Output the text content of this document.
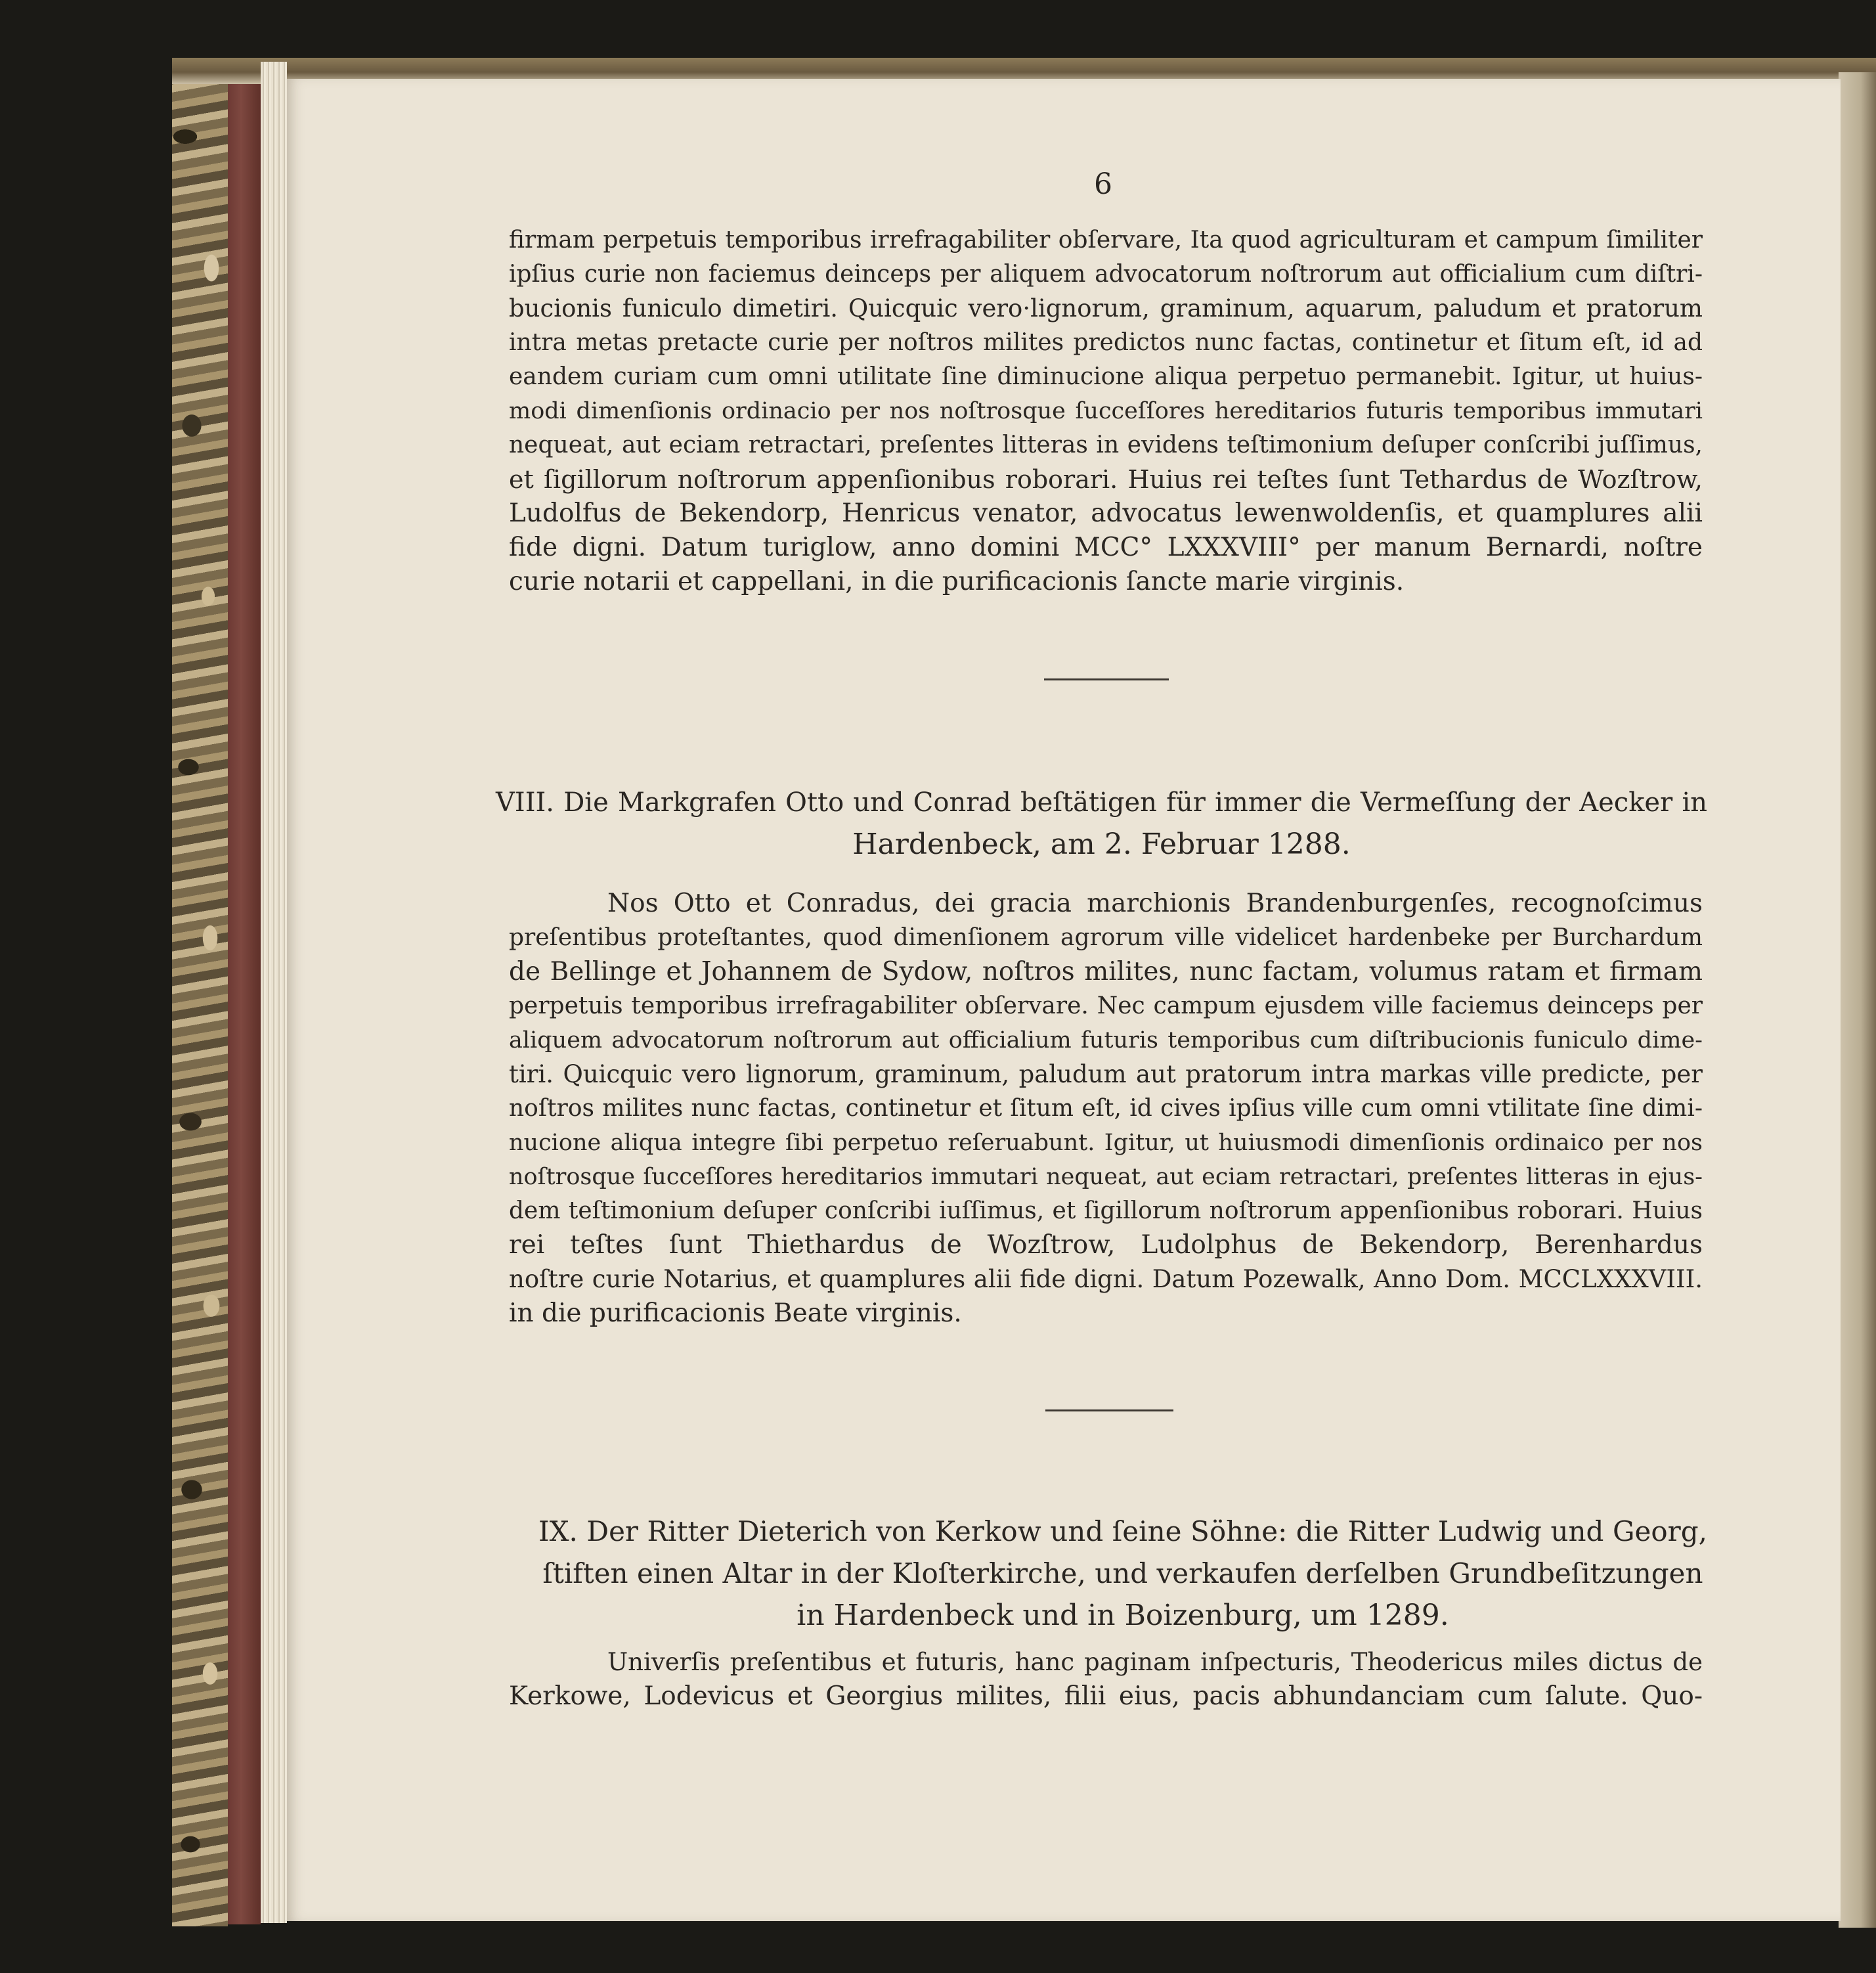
6
firmam perpetuis temporibus irrefragabiliter obſervare, Ita quod agriculturam et campum ſimiliter
ipſius curie non faciemus deinceps per aliquem advocatorum noſtrorum aut officialium cum diſtri-
bucionis funiculo dimetiri. Quicquic vero·lignorum, graminum, aquarum, paludum et pratorum
intra metas pretacte curie per noſtros milites predictos nunc factas, continetur et ſitum eſt, id ad
eandem curiam cum omni utilitate ſine diminucione aliqua perpetuo permanebit. Igitur, ut huius-
modi dimenſionis ordinacio per nos noſtrosque ſucceſſores hereditarios futuris temporibus immutari
nequeat, aut eciam retractari, preſentes litteras in evidens teſtimonium deſuper conſcribi juſſimus,
et ſigillorum noſtrorum appenſionibus roborari. Huius rei teſtes ſunt Tethardus de Wozſtrow,
Ludolfus de Bekendorp, Henricus venator, advocatus lewenwoldenſis, et quamplures alii
fide digni. Datum turiglow, anno domini MCC° LXXXVIII° per manum Bernardi, noſtre
curie notarii et cappellani, in die purificacionis ſancte marie virginis.
VIII. Die Markgrafen Otto und Conrad beſtätigen für immer die Vermeſſung der Aecker in
Hardenbeck, am 2. Februar 1288.
Nos Otto et Conradus, dei gracia marchionis Brandenburgenſes, recognoſcimus
preſentibus proteſtantes, quod dimenſionem agrorum ville videlicet hardenbeke per Burchardum
de Bellinge et Johannem de Sydow, noſtros milites, nunc factam, volumus ratam et firmam
perpetuis temporibus irrefragabiliter obſervare. Nec campum ejusdem ville faciemus deinceps per
aliquem advocatorum noſtrorum aut officialium futuris temporibus cum diſtribucionis funiculo dime-
tiri. Quicquic vero lignorum, graminum, paludum aut pratorum intra markas ville predicte, per
noſtros milites nunc factas, continetur et ſitum eſt, id cives ipſius ville cum omni vtilitate ſine dimi-
nucione aliqua integre ſibi perpetuo reſeruabunt. Igitur, ut huiusmodi dimenſionis ordinaico per nos
noſtrosque ſucceſſores hereditarios immutari nequeat, aut eciam retractari, preſentes litteras in ejus-
dem teſtimonium deſuper conſcribi iuſſimus, et ſigillorum noſtrorum appenſionibus roborari. Huius
rei teſtes ſunt Thiethardus de Wozſtrow, Ludolphus de Bekendorp, Berenhardus
noſtre curie Notarius, et quamplures alii fide digni. Datum Pozewalk, Anno Dom. MCCLXXXVIII.
in die purificacionis Beate virginis.
IX. Der Ritter Dieterich von Kerkow und ſeine Söhne: die Ritter Ludwig und Georg,
ſtiften einen Altar in der Kloſterkirche, und verkaufen derſelben Grundbeſitzungen
in Hardenbeck und in Boizenburg, um 1289.
Univerſis preſentibus et futuris, hanc paginam inſpecturis, Theodericus miles dictus de
Kerkowe, Lodevicus et Georgius milites, filii eius, pacis abhundanciam cum ſalute. Quo-
